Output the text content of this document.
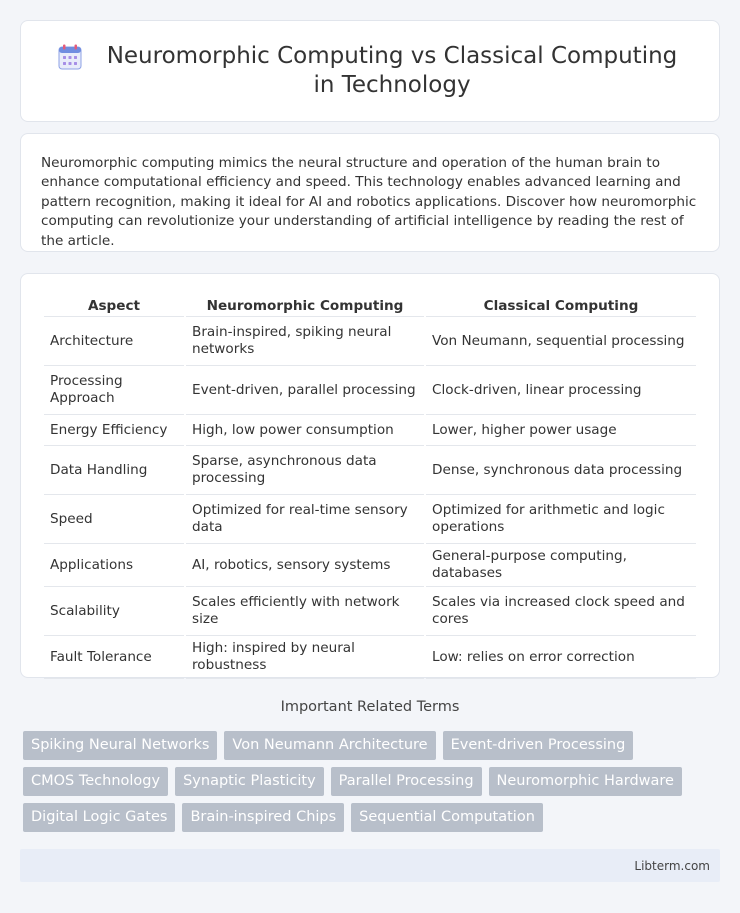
Neuromorphic Computing vs Classical Computing in Technology

Neuromorphic computing mimics the neural structure and operation of the human brain to enhance computational efficiency and speed. This technology enables advanced learning and pattern recognition, making it ideal for AI and robotics applications. Discover how neuromorphic computing can revolutionize your understanding of artificial intelligence by reading the rest of the article.

Aspect	Neuromorphic Computing	Classical Computing
Architecture	Brain-inspired, spiking neural networks	Von Neumann, sequential processing
Processing Approach	Event-driven, parallel processing	Clock-driven, linear processing
Energy Efficiency	High, low power consumption	Lower, higher power usage
Data Handling	Sparse, asynchronous data processing	Dense, synchronous data processing
Speed	Optimized for real-time sensory data	Optimized for arithmetic and logic operations
Applications	AI, robotics, sensory systems	General-purpose computing, databases
Scalability	Scales efficiently with network size	Scales via increased clock speed and cores
Fault Tolerance	High: inspired by neural robustness	Low: relies on error correction
Important Related Terms
Spiking Neural Networks	Von Neumann Architecture	Event-driven Processing
CMOS Technology	Synaptic Plasticity	Parallel Processing	Neuromorphic Hardware
Digital Logic Gates	Brain-inspired Chips	Sequential Computation
Libterm.com
